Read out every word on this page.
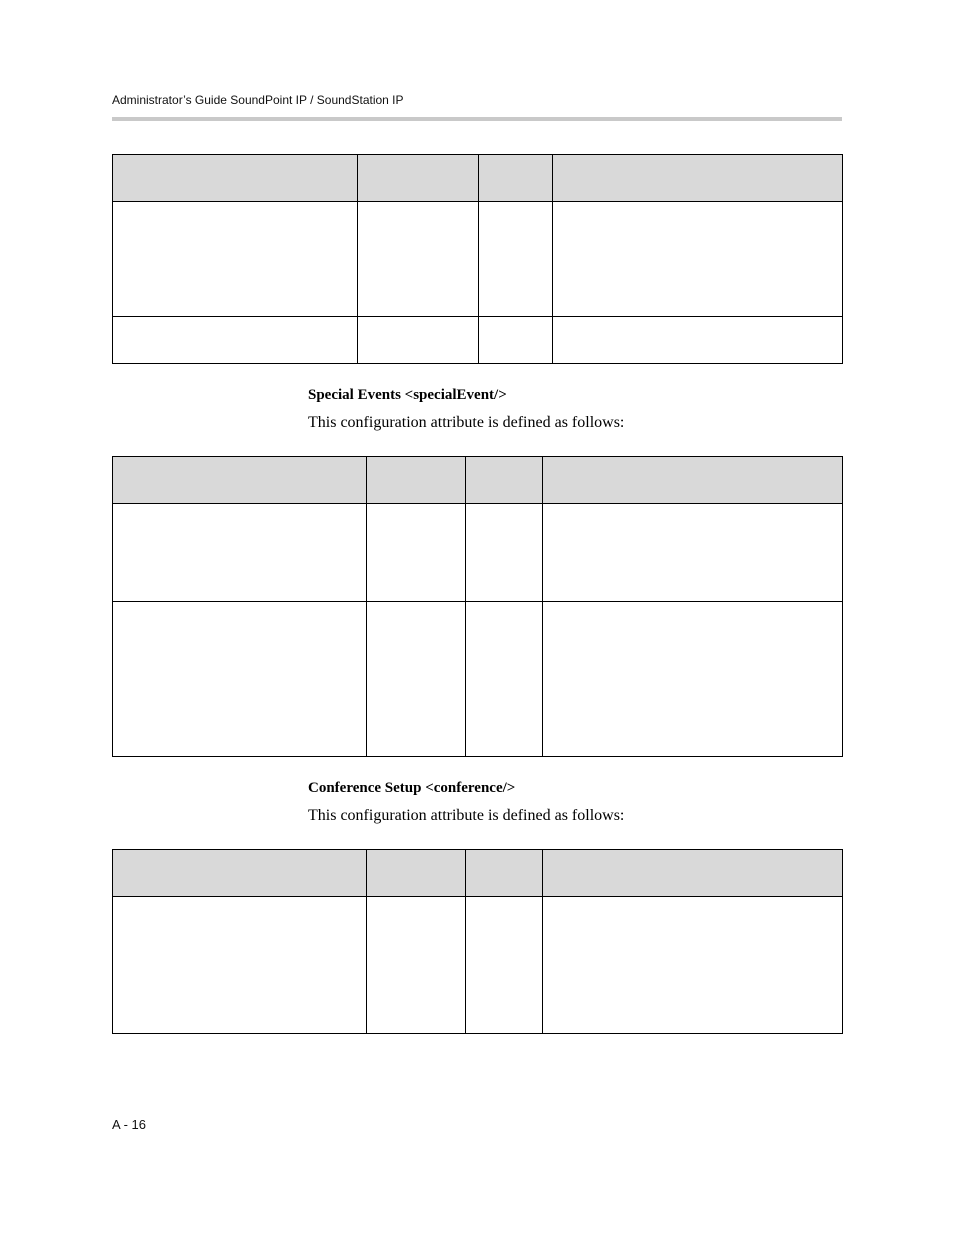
Administrator’s Guide SoundPoint IP / SoundStation IP

Special Events <specialEvent/>
This configuration attribute is defined as follows:

Conference Setup <conference/>
This configuration attribute is defined as follows:

A - 16
